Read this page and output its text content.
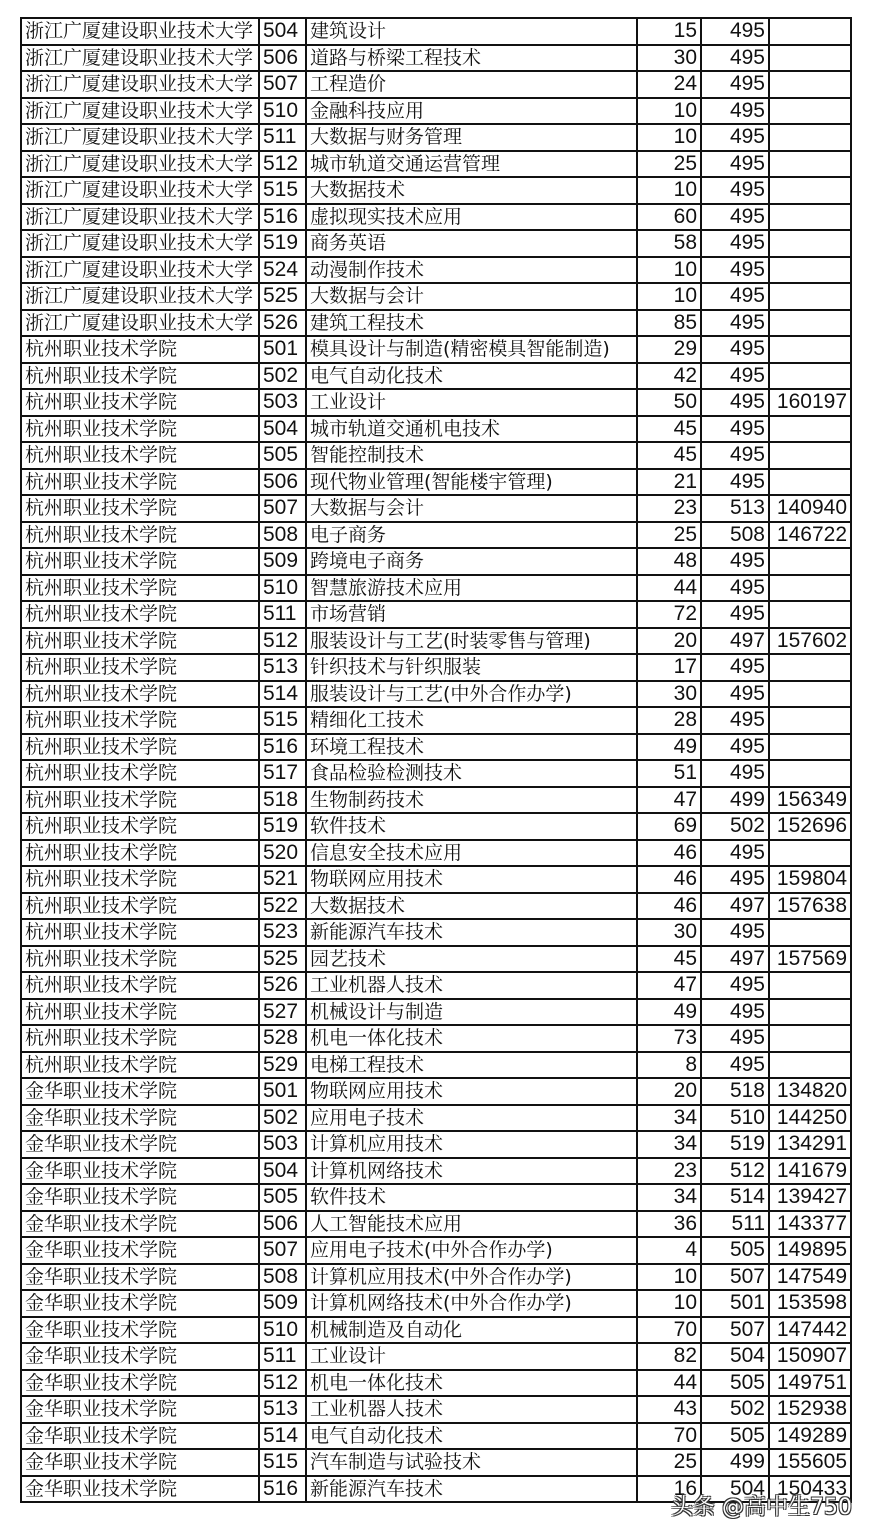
浙江广厦建设职业技术大学	504	建筑设计	15	495	
浙江广厦建设职业技术大学	506	道路与桥梁工程技术	30	495	
浙江广厦建设职业技术大学	507	工程造价	24	495	
浙江广厦建设职业技术大学	510	金融科技应用	10	495	
浙江广厦建设职业技术大学	511	大数据与财务管理	10	495	
浙江广厦建设职业技术大学	512	城市轨道交通运营管理	25	495	
浙江广厦建设职业技术大学	515	大数据技术	10	495	
浙江广厦建设职业技术大学	516	虚拟现实技术应用	60	495	
浙江广厦建设职业技术大学	519	商务英语	58	495	
浙江广厦建设职业技术大学	524	动漫制作技术	10	495	
浙江广厦建设职业技术大学	525	大数据与会计	10	495	
浙江广厦建设职业技术大学	526	建筑工程技术	85	495	
杭州职业技术学院	501	模具设计与制造(精密模具智能制造)	29	495	
杭州职业技术学院	502	电气自动化技术	42	495	
杭州职业技术学院	503	工业设计	50	495	160197
杭州职业技术学院	504	城市轨道交通机电技术	45	495	
杭州职业技术学院	505	智能控制技术	45	495	
杭州职业技术学院	506	现代物业管理(智能楼宇管理)	21	495	
杭州职业技术学院	507	大数据与会计	23	513	140940
杭州职业技术学院	508	电子商务	25	508	146722
杭州职业技术学院	509	跨境电子商务	48	495	
杭州职业技术学院	510	智慧旅游技术应用	44	495	
杭州职业技术学院	511	市场营销	72	495	
杭州职业技术学院	512	服装设计与工艺(时装零售与管理)	20	497	157602
杭州职业技术学院	513	针织技术与针织服装	17	495	
杭州职业技术学院	514	服装设计与工艺(中外合作办学)	30	495	
杭州职业技术学院	515	精细化工技术	28	495	
杭州职业技术学院	516	环境工程技术	49	495	
杭州职业技术学院	517	食品检验检测技术	51	495	
杭州职业技术学院	518	生物制药技术	47	499	156349
杭州职业技术学院	519	软件技术	69	502	152696
杭州职业技术学院	520	信息安全技术应用	46	495	
杭州职业技术学院	521	物联网应用技术	46	495	159804
杭州职业技术学院	522	大数据技术	46	497	157638
杭州职业技术学院	523	新能源汽车技术	30	495	
杭州职业技术学院	525	园艺技术	45	497	157569
杭州职业技术学院	526	工业机器人技术	47	495	
杭州职业技术学院	527	机械设计与制造	49	495	
杭州职业技术学院	528	机电一体化技术	73	495	
杭州职业技术学院	529	电梯工程技术	8	495	
金华职业技术学院	501	物联网应用技术	20	518	134820
金华职业技术学院	502	应用电子技术	34	510	144250
金华职业技术学院	503	计算机应用技术	34	519	134291
金华职业技术学院	504	计算机网络技术	23	512	141679
金华职业技术学院	505	软件技术	34	514	139427
金华职业技术学院	506	人工智能技术应用	36	511	143377
金华职业技术学院	507	应用电子技术(中外合作办学)	4	505	149895
金华职业技术学院	508	计算机应用技术(中外合作办学)	10	507	147549
金华职业技术学院	509	计算机网络技术(中外合作办学)	10	501	153598
金华职业技术学院	510	机械制造及自动化	70	507	147442
金华职业技术学院	511	工业设计	82	504	150907
金华职业技术学院	512	机电一体化技术	44	505	149751
金华职业技术学院	513	工业机器人技术	43	502	152938
金华职业技术学院	514	电气自动化技术	70	505	149289
金华职业技术学院	515	汽车制造与试验技术	25	499	155605
金华职业技术学院	516	新能源汽车技术	16	504	150433
头条 @高中生750
